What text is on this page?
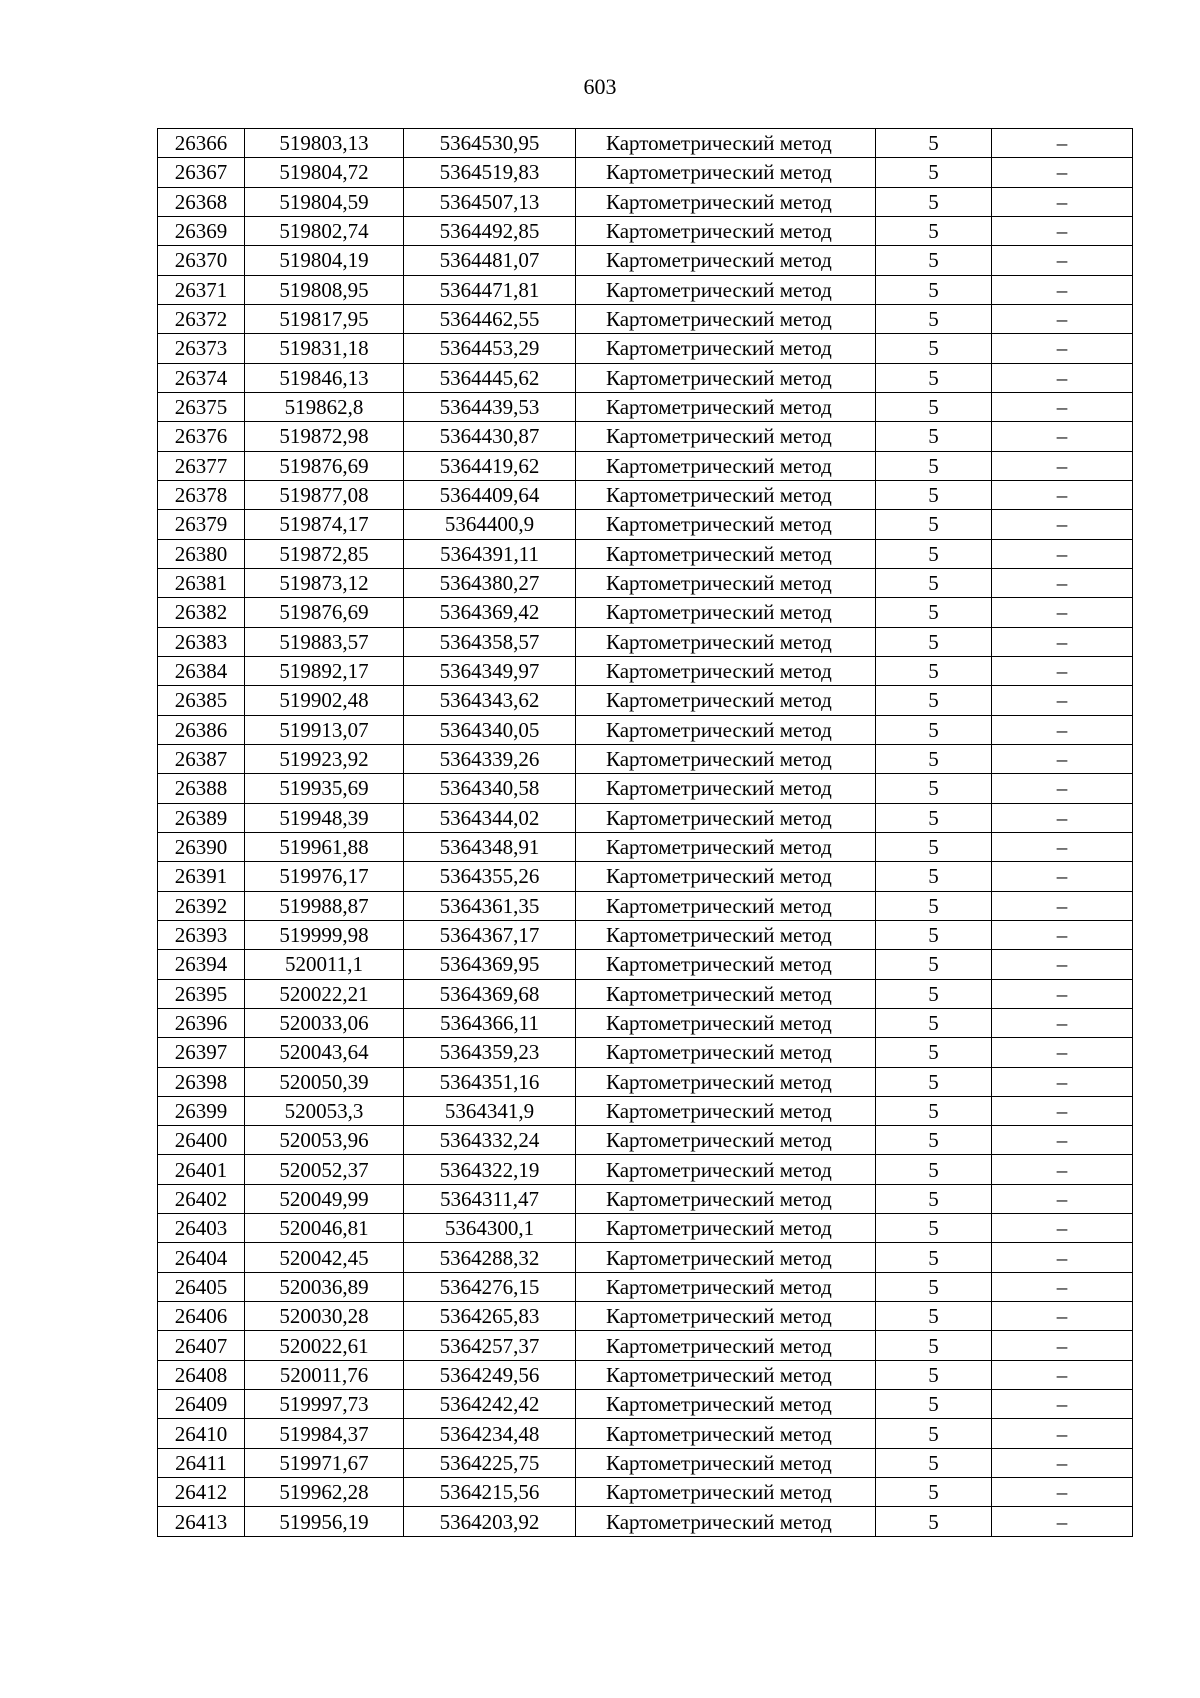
603
26366	519803,13	5364530,95	Картометрический метод	5	–
26367	519804,72	5364519,83	Картометрический метод	5	–
26368	519804,59	5364507,13	Картометрический метод	5	–
26369	519802,74	5364492,85	Картометрический метод	5	–
26370	519804,19	5364481,07	Картометрический метод	5	–
26371	519808,95	5364471,81	Картометрический метод	5	–
26372	519817,95	5364462,55	Картометрический метод	5	–
26373	519831,18	5364453,29	Картометрический метод	5	–
26374	519846,13	5364445,62	Картометрический метод	5	–
26375	519862,8	5364439,53	Картометрический метод	5	–
26376	519872,98	5364430,87	Картометрический метод	5	–
26377	519876,69	5364419,62	Картометрический метод	5	–
26378	519877,08	5364409,64	Картометрический метод	5	–
26379	519874,17	5364400,9	Картометрический метод	5	–
26380	519872,85	5364391,11	Картометрический метод	5	–
26381	519873,12	5364380,27	Картометрический метод	5	–
26382	519876,69	5364369,42	Картометрический метод	5	–
26383	519883,57	5364358,57	Картометрический метод	5	–
26384	519892,17	5364349,97	Картометрический метод	5	–
26385	519902,48	5364343,62	Картометрический метод	5	–
26386	519913,07	5364340,05	Картометрический метод	5	–
26387	519923,92	5364339,26	Картометрический метод	5	–
26388	519935,69	5364340,58	Картометрический метод	5	–
26389	519948,39	5364344,02	Картометрический метод	5	–
26390	519961,88	5364348,91	Картометрический метод	5	–
26391	519976,17	5364355,26	Картометрический метод	5	–
26392	519988,87	5364361,35	Картометрический метод	5	–
26393	519999,98	5364367,17	Картометрический метод	5	–
26394	520011,1	5364369,95	Картометрический метод	5	–
26395	520022,21	5364369,68	Картометрический метод	5	–
26396	520033,06	5364366,11	Картометрический метод	5	–
26397	520043,64	5364359,23	Картометрический метод	5	–
26398	520050,39	5364351,16	Картометрический метод	5	–
26399	520053,3	5364341,9	Картометрический метод	5	–
26400	520053,96	5364332,24	Картометрический метод	5	–
26401	520052,37	5364322,19	Картометрический метод	5	–
26402	520049,99	5364311,47	Картометрический метод	5	–
26403	520046,81	5364300,1	Картометрический метод	5	–
26404	520042,45	5364288,32	Картометрический метод	5	–
26405	520036,89	5364276,15	Картометрический метод	5	–
26406	520030,28	5364265,83	Картометрический метод	5	–
26407	520022,61	5364257,37	Картометрический метод	5	–
26408	520011,76	5364249,56	Картометрический метод	5	–
26409	519997,73	5364242,42	Картометрический метод	5	–
26410	519984,37	5364234,48	Картометрический метод	5	–
26411	519971,67	5364225,75	Картометрический метод	5	–
26412	519962,28	5364215,56	Картометрический метод	5	–
26413	519956,19	5364203,92	Картометрический метод	5	–
